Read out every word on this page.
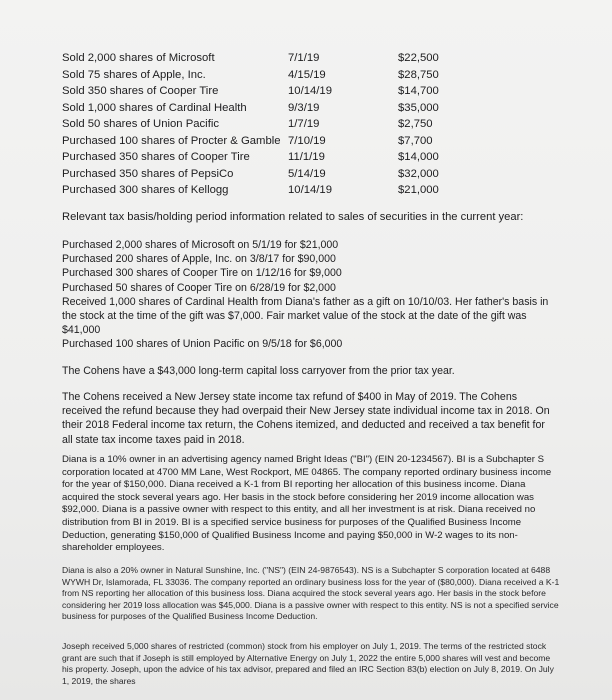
Sold 2,000 shares of Microsoft	7/1/19	$22,500
Sold 75 shares of Apple, Inc.	4/15/19	$28,750
Sold 350 shares of Cooper Tire	10/14/19	$14,700
Sold 1,000 shares of Cardinal Health	9/3/19	$35,000
Sold 50 shares of Union Pacific	1/7/19	$2,750
Purchased 100 shares of Procter & Gamble 7/10/19	$7,700
Purchased 350 shares of Cooper Tire	11/1/19	$14,000
Purchased 350 shares of PepsiCo	5/14/19	$32,000
Purchased 300 shares of Kellogg	10/14/19	$21,000

Relevant tax basis/holding period information related to sales of securities in the current year:

Purchased 2,000 shares of Microsoft on 5/1/19 for $21,000

Purchased 200 shares of Apple, Inc. on 3/8/17 for $90,000

Purchased 300 shares of Cooper Tire on 1/12/16 for $9,000

Purchased 50 shares of Cooper Tire on 6/28/19 for $2,000

Received 1,000 shares of Cardinal Health from Diana's father as a gift on 10/10/03. Her father's basis in the stock at the time of the gift was $7,000. Fair market value of the stock at the date of the gift was $41,000

Purchased 100 shares of Union Pacific on 9/5/18 for $6,000

The Cohens have a $43,000 long-term capital loss carryover from the prior tax year.

The Cohens received a New Jersey state income tax refund of $400 in May of 2019. The Cohens received the refund because they had overpaid their New Jersey state individual income tax in 2018. On their 2018 Federal income tax return, the Cohens itemized, and deducted and received a tax benefit for all state tax income taxes paid in 2018.

Diana is a 10% owner in an advertising agency named Bright Ideas ("BI") (EIN 20-1234567). BI is a Subchapter S corporation located at 4700 MM Lane, West Rockport, ME 04865. The company reported ordinary business income for the year of $150,000. Diana received a K-1 from BI reporting her allocation of this business income. Diana acquired the stock several years ago. Her basis in the stock before considering her 2019 income allocation was $92,000. Diana is a passive owner with respect to this entity, and all her investment is at risk. Diana received no distribution from BI in 2019. BI is a specified service business for purposes of the Qualified Business Income Deduction, generating $150,000 of Qualified Business Income and paying $50,000 in W-2 wages to its non-shareholder employees.

Diana is also a 20% owner in Natural Sunshine, Inc. ("NS") (EIN 24-9876543). NS is a Subchapter S corporation located at 6488 WYWH Dr, Islamorada, FL 33036. The company reported an ordinary business loss for the year of ($80,000). Diana received a K-1 from NS reporting her allocation of this business loss. Diana acquired the stock several years ago. Her basis in the stock before considering her 2019 loss allocation was $45,000. Diana is a passive owner with respect to this entity. NS is not a specified service business for purposes of the Qualified Business Income Deduction.

Joseph received 5,000 shares of restricted (common) stock from his employer on July 1, 2019. The terms of the restricted stock grant are such that if Joseph is still employed by Alternative Energy on July 1, 2022 the entire 5,000 shares will vest and become his property. Joseph, upon the advice of his tax advisor, prepared and filed an IRC Section 83(b) election on July 8, 2019. On July 1, 2019, the shares
